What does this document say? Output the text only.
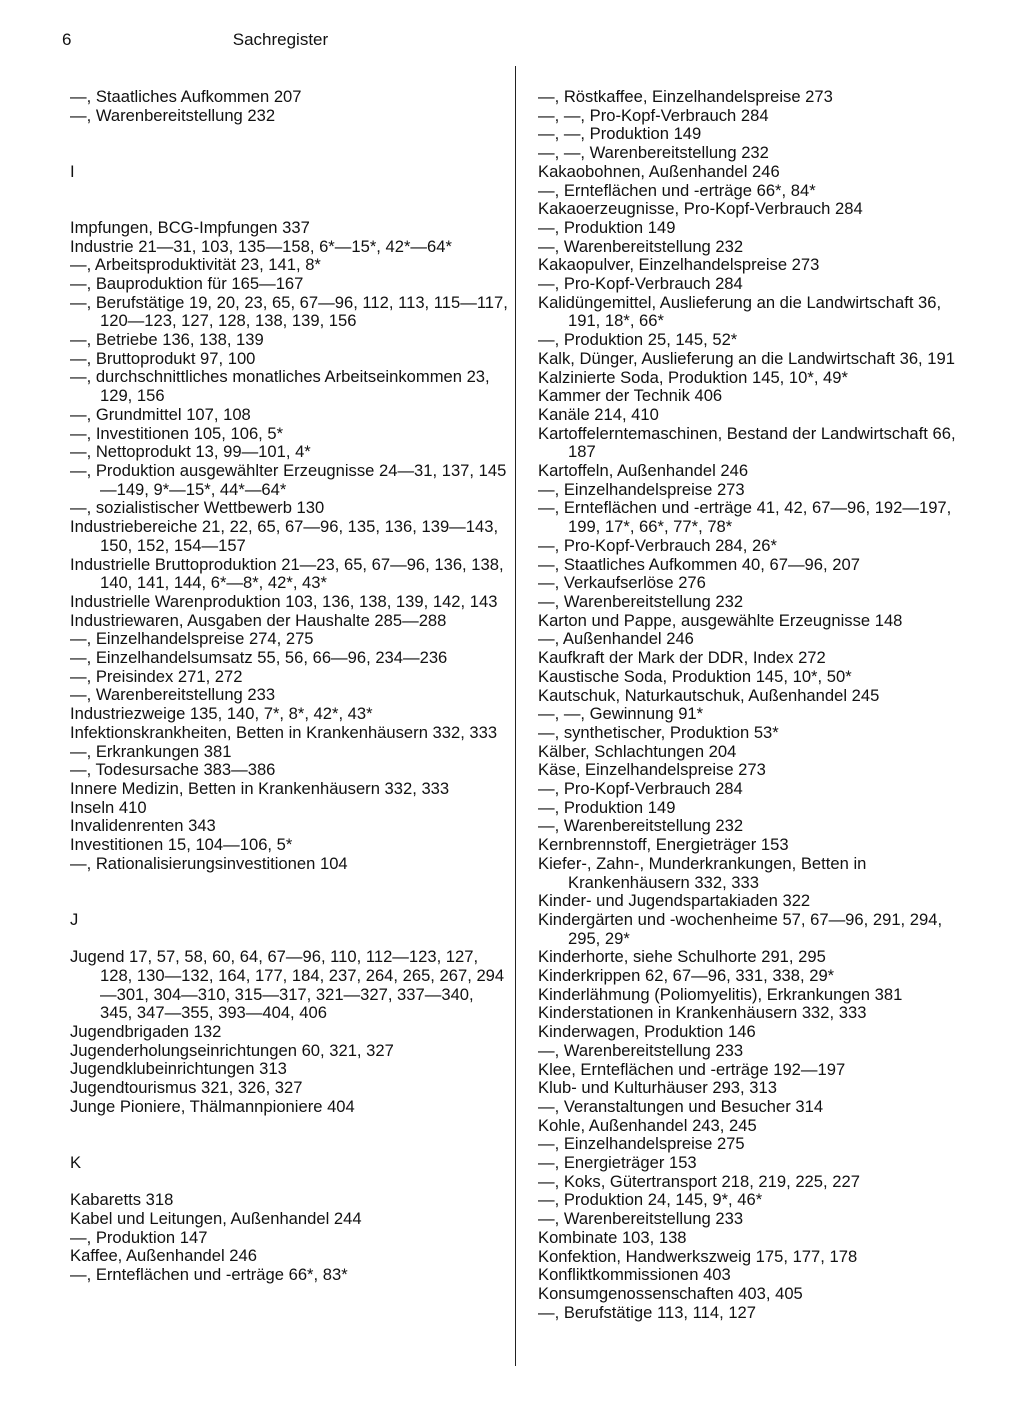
6	Sachregister
—, Staatliches Aufkommen 207
—, Warenbereitstellung 232
I
Impfungen, BCG-Impfungen 337
Industrie 21—31, 103, 135—158, 6*—15*, 42*—64*
—, Arbeitsproduktivität 23, 141, 8*
—, Bauproduktion für 165—167
—, Berufstätige 19, 20, 23, 65, 67—96, 112, 113, 115—117, 120—123, 127, 128, 138, 139, 156
—, Betriebe 136, 138, 139
—, Bruttoprodukt 97, 100
—, durchschnittliches monatliches Arbeitseinkommen 23, 129, 156
—, Grundmittel 107, 108
—, Investitionen 105, 106, 5*
—, Nettoprodukt 13, 99—101, 4*
—, Produktion ausgewählter Erzeugnisse 24—31, 137, 145—149, 9*—15*, 44*—64*
—, sozialistischer Wettbewerb 130
Industriebereiche 21, 22, 65, 67—96, 135, 136, 139—143, 150, 152, 154—157
Industrielle Bruttoproduktion 21—23, 65, 67—96, 136, 138, 140, 141, 144, 6*—8*, 42*, 43*
Industrielle Warenproduktion 103, 136, 138, 139, 142, 143
Industriewaren, Ausgaben der Haushalte 285—288
—, Einzelhandelspreise 274, 275
—, Einzelhandelsumsatz 55, 56, 66—96, 234—236
—, Preisindex 271, 272
—, Warenbereitstellung 233
Industriezweige 135, 140, 7*, 8*, 42*, 43*
Infektionskrankheiten, Betten in Krankenhäusern 332, 333
—, Erkrankungen 381
—, Todesursache 383—386
Innere Medizin, Betten in Krankenhäusern 332, 333
Inseln 410
Invalidenrenten 343
Investitionen 15, 104—106, 5*
—, Rationalisierungsinvestitionen 104
J
Jugend 17, 57, 58, 60, 64, 67—96, 110, 112—123, 127, 128, 130—132, 164, 177, 184, 237, 264, 265, 267, 294—301, 304—310, 315—317, 321—327, 337—340, 345, 347—355, 393—404, 406
Jugendbrigaden 132
Jugenderholungseinrichtungen 60, 321, 327
Jugendklubeinrichtungen 313
Jugendtourismus 321, 326, 327
Junge Pioniere, Thälmannpioniere 404
K
Kabaretts 318
Kabel und Leitungen, Außenhandel 244
—, Produktion 147
Kaffee, Außenhandel 246
—, Ernteflächen und -erträge 66*, 83*
—, Röstkaffee, Einzelhandelspreise 273
—, —, Pro-Kopf-Verbrauch 284
—, —, Produktion 149
—, —, Warenbereitstellung 232
Kakaobohnen, Außenhandel 246
—, Ernteflächen und -erträge 66*, 84*
Kakaoerzeugnisse, Pro-Kopf-Verbrauch 284
—, Produktion 149
—, Warenbereitstellung 232
Kakaopulver, Einzelhandelspreise 273
—, Pro-Kopf-Verbrauch 284
Kalidüngemittel, Auslieferung an die Landwirtschaft 36, 191, 18*, 66*
—, Produktion 25, 145, 52*
Kalk, Dünger, Auslieferung an die Landwirtschaft 36, 191
Kalzinierte Soda, Produktion 145, 10*, 49*
Kammer der Technik 406
Kanäle 214, 410
Kartoffelerntemaschinen, Bestand der Landwirtschaft 66, 187
Kartoffeln, Außenhandel 246
—, Einzelhandelspreise 273
—, Ernteflächen und -erträge 41, 42, 67—96, 192—197, 199, 17*, 66*, 77*, 78*
—, Pro-Kopf-Verbrauch 284, 26*
—, Staatliches Aufkommen 40, 67—96, 207
—, Verkaufserlöse 276
—, Warenbereitstellung 232
Karton und Pappe, ausgewählte Erzeugnisse 148
—, Außenhandel 246
Kaufkraft der Mark der DDR, Index 272
Kaustische Soda, Produktion 145, 10*, 50*
Kautschuk, Naturkautschuk, Außenhandel 245
—, —, Gewinnung 91*
—, synthetischer, Produktion 53*
Kälber, Schlachtungen 204
Käse, Einzelhandelspreise 273
—, Pro-Kopf-Verbrauch 284
—, Produktion 149
—, Warenbereitstellung 232
Kernbrennstoff, Energieträger 153
Kiefer-, Zahn-, Munderkrankungen, Betten in Krankenhäusern 332, 333
Kinder- und Jugendspartakiaden 322
Kindergärten und -wochenheime 57, 67—96, 291, 294, 295, 29*
Kinderhorte, siehe Schulhorte 291, 295
Kinderkrippen 62, 67—96, 331, 338, 29*
Kinderlähmung (Poliomyelitis), Erkrankungen 381
Kinderstationen in Krankenhäusern 332, 333
Kinderwagen, Produktion 146
—, Warenbereitstellung 233
Klee, Ernteflächen und -erträge 192—197
Klub- und Kulturhäuser 293, 313
—, Veranstaltungen und Besucher 314
Kohle, Außenhandel 243, 245
—, Einzelhandelspreise 275
—, Energieträger 153
—, Koks, Gütertransport 218, 219, 225, 227
—, Produktion 24, 145, 9*, 46*
—, Warenbereitstellung 233
Kombinate 103, 138
Konfektion, Handwerkszweig 175, 177, 178
Konfliktkommissionen 403
Konsumgenossenschaften 403, 405
—, Berufstätige 113, 114, 127
